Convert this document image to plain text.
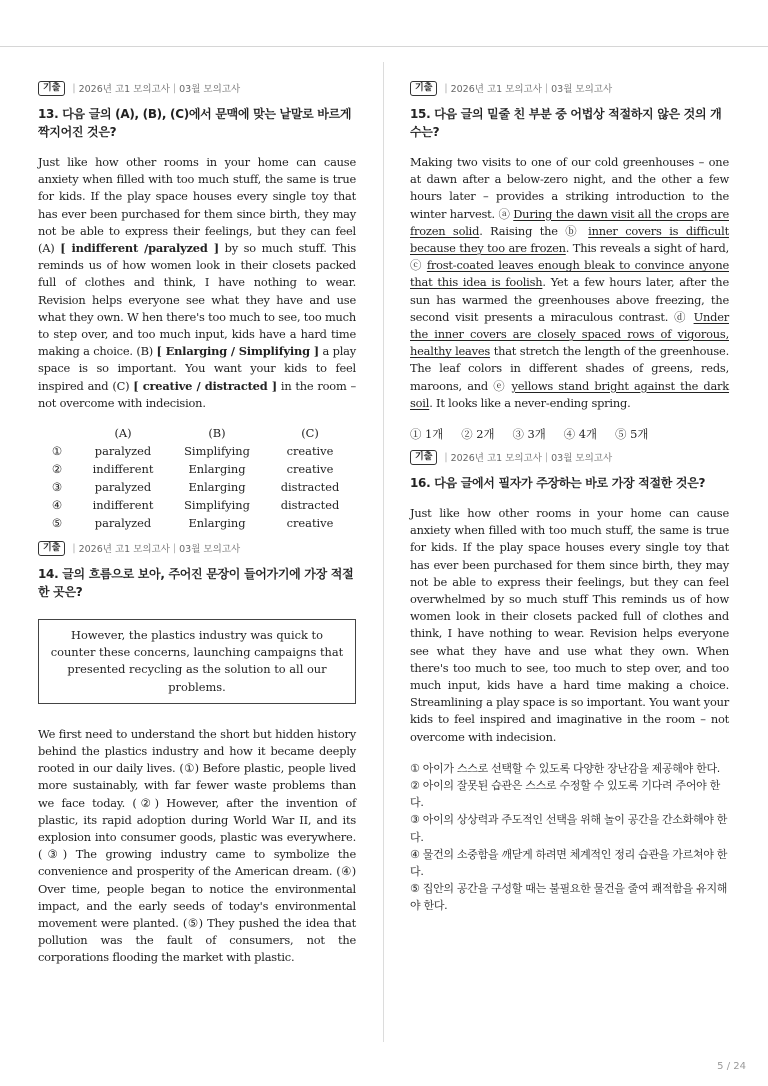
기출	| 2026년 고1 모의고사 | 03월 모의고사
13. 다음 글의 (A), (B), (C)에서 문맥에 맞는 낱말로 바르게 짝지어진 것은?
Just like how other rooms in your home can cause anxiety when filled with too much stuff, the same is true for kids. If the play space houses every single toy that has ever been purchased for them since birth, they may not be able to express their feelings, but they can feel (A) [ indifferent /paralyzed ] by so much stuff. This reminds us of how women look in their closets packed full of clothes and think, I have nothing to wear. Revision helps everyone see what they have and use what they own. W hen there's too much to see, too much to step over, and too much input, kids have a hard time making a choice. (B) [ Enlarging / Simplifying ] a play space is so important. You want your kids to feel inspired and (C) [ creative / distracted ] in the room – not overcome with indecision.
	(A)	(B)	(C)
①	paralyzed	Simplifying	creative
②	indifferent	Enlarging	creative
③	paralyzed	Enlarging	distracted
④	indifferent	Simplifying	distracted
⑤	paralyzed	Enlarging	creative
기출	| 2026년 고1 모의고사 | 03월 모의고사
14. 글의 흐름으로 보아, 주어진 문장이 들어가기에 가장 적절한 곳은?
However, the plastics industry was quick to counter these concerns, launching campaigns that presented recycling as the solution to all our problems.
We first need to understand the short but hidden history behind the plastics industry and how it became deeply rooted in our daily lives. (①) Before plastic, people lived more sustainably, with far fewer waste problems than we face today. (②) However, after the invention of plastic, its rapid adoption during World War II, and its explosion into consumer goods, plastic was everywhere. (③) The growing industry came to symbolize the convenience and prosperity of the American dream. (④) Over time, people began to notice the environmental impact, and the early seeds of today's environmental movement were planted. (⑤) They pushed the idea that pollution was the fault of consumers, not the corporations flooding the market with plastic.
기출	| 2026년 고1 모의고사 | 03월 모의고사
15. 다음 글의 밑줄 친 부분 중 어법상 적절하지 않은 것의 개수는?
Making two visits to one of our cold greenhouses – one at dawn after a below-zero night, and the other a few hours later – provides a striking introduction to the winter harvest. ⓐ During the dawn visit all the crops are frozen solid. Raising the ⓑ inner covers is difficult because they too are frozen. This reveals a sight of hard, ⓒ frost-coated leaves enough bleak to convince anyone that this idea is foolish. Yet a few hours later, after the sun has warmed the greenhouses above freezing, the second visit presents a miraculous contrast. ⓓ Under the inner covers are closely spaced rows of vigorous, healthy leaves that stretch the length of the greenhouse. The leaf colors in different shades of greens, reds, maroons, and ⓔ yellows stand bright against the dark soil. It looks like a never-ending spring.
① 1개 ② 2개 ③ 3개 ④ 4개 ⑤ 5개
기출	| 2026년 고1 모의고사 | 03월 모의고사
16. 다음 글에서 필자가 주장하는 바로 가장 적절한 것은?
Just like how other rooms in your home can cause anxiety when filled with too much stuff, the same is true for kids. If the play space houses every single toy that has ever been purchased for them since birth, they may not be able to express their feelings, but they can feel overwhelmed by so much stuff This reminds us of how women look in their closets packed full of clothes and think, I have nothing to wear. Revision helps everyone see what they have and use what they own. When there's too much to see, too much to step over, and too much input, kids have a hard time making a choice. Streamlining a play space is so important. You want your kids to feel inspired and imaginative in the room – not overcome with indecision.
① 아이가 스스로 선택할 수 있도록 다양한 장난감을 제공해야 한다.
② 아이의 잘못된 습관은 스스로 수정할 수 있도록 기다려 주어야 한다.
③ 아이의 상상력과 주도적인 선택을 위해 놀이 공간을 간소화해야 한다.
④ 물건의 소중함을 깨닫게 하려면 체계적인 정리 습관을 가르쳐야 한다.
⑤ 집안의 공간을 구성할 때는 불필요한 물건을 줄여 쾌적함을 유지해야 한다.
5 / 24
